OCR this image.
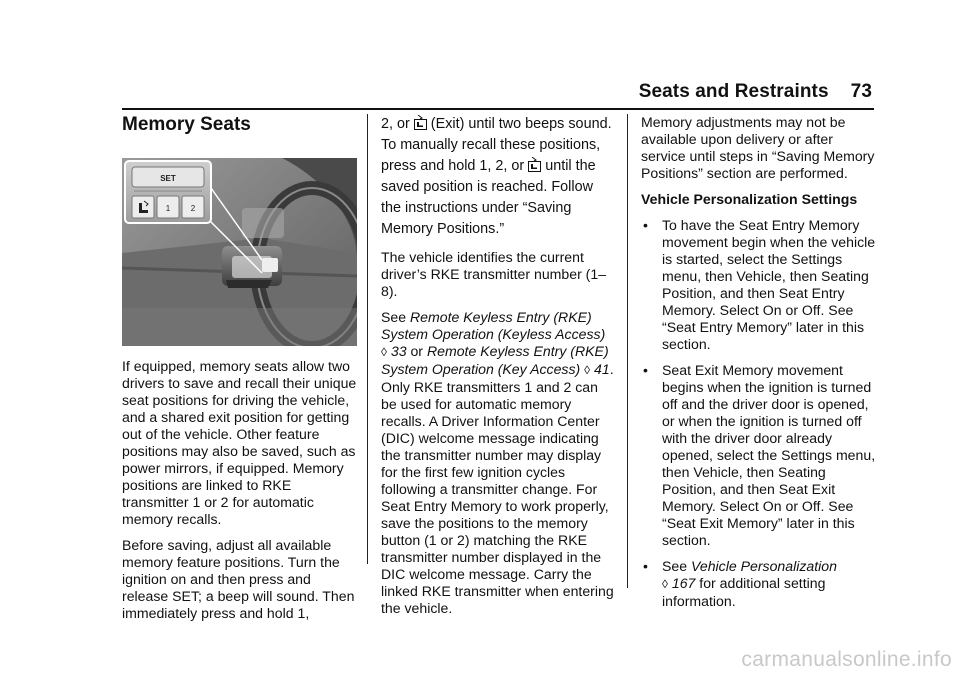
Seats and Restraints 73
Memory Seats
SET
1	2

If equipped, memory seats allow two drivers to save and recall their unique seat positions for driving the vehicle, and a shared exit position for getting out of the vehicle. Other feature positions may also be saved, such as power mirrors, if equipped. Memory positions are linked to RKE transmitter 1 or 2 for automatic memory recalls.

Before saving, adjust all available memory feature positions. Turn the ignition on and then press and release SET; a beep will sound. Then immediately press and hold 1,

2, or (Exit) until two beeps sound. To manually recall these positions, press and hold 1, 2, or until the saved position is reached. Follow the instructions under “Saving Memory Positions.”

The vehicle identifies the current driver’s RKE transmitter number (1–8).

See Remote Keyless Entry (RKE) System Operation (Keyless Access) ◊ 33 or Remote Keyless Entry (RKE) System Operation (Key Access) ◊ 41. Only RKE transmitters 1 and 2 can be used for automatic memory recalls. A Driver Information Center (DIC) welcome message indicating the transmitter number may display for the first few ignition cycles following a transmitter change. For Seat Entry Memory to work properly, save the positions to the memory button (1 or 2) matching the RKE transmitter number displayed in the DIC welcome message. Carry the linked RKE transmitter when entering the vehicle.

Memory adjustments may not be available upon delivery or after service until steps in “Saving Memory Positions” section are performed.

Vehicle Personalization Settings

• To have the Seat Entry Memory movement begin when the vehicle is started, select the Settings menu, then Vehicle, then Seating Position, and then Seat Entry Memory. Select On or Off. See “Seat Entry Memory” later in this section.
• Seat Exit Memory movement begins when the ignition is turned off and the driver door is opened, or when the ignition is turned off with the driver door already opened, select the Settings menu, then Vehicle, then Seating Position, and then Seat Exit Memory. Select On or Off. See “Seat Exit Memory” later in this section.
• See Vehicle Personalization
◊ 167 for additional setting information.
carmanualsonline.info
